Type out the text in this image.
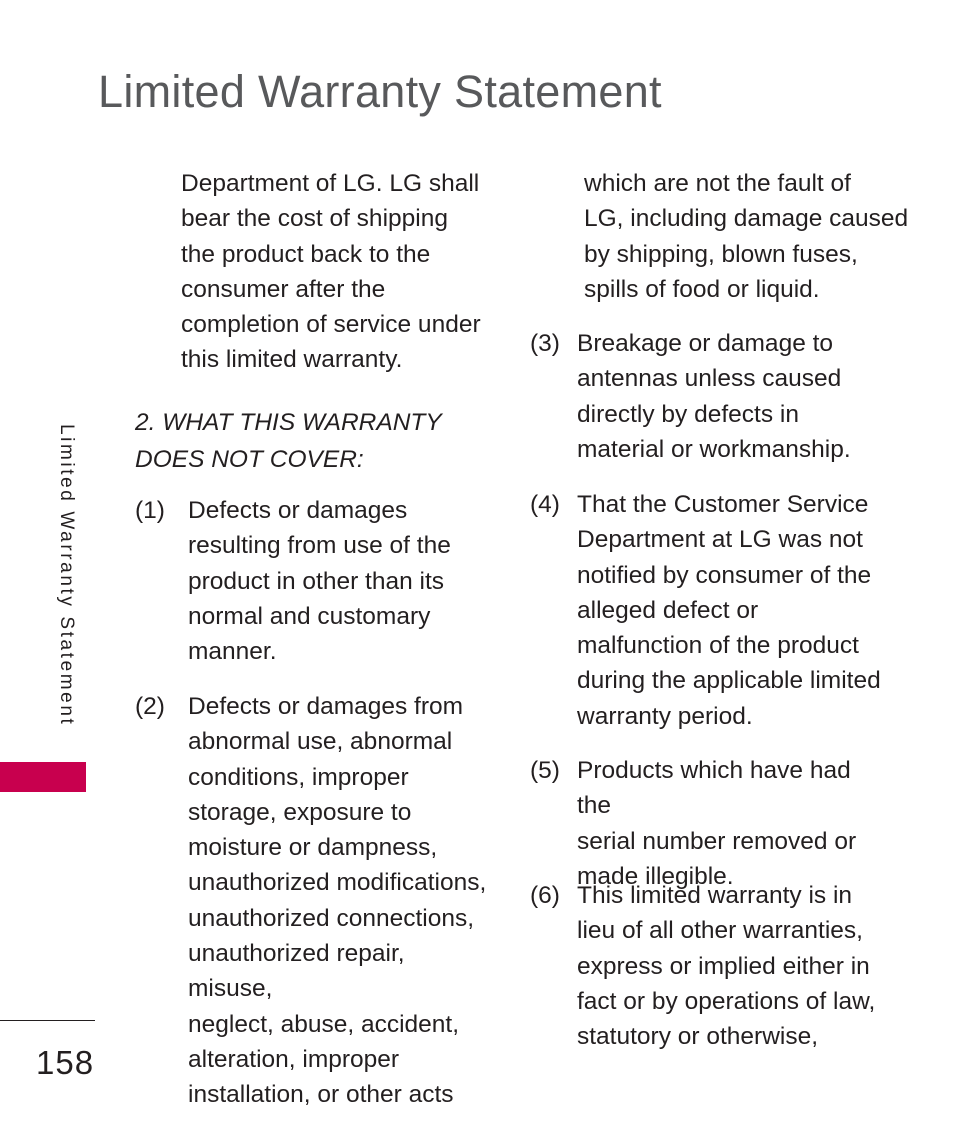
Limited Warranty Statement
Limited Warranty Statement
158

Department of LG. LG shall
bear the cost of shipping
the product back to the
consumer after the
completion of service under
this limited warranty.

2. WHAT THIS WARRANTY
DOES NOT COVER:

(1) Defects or damages
resulting from use of the
product in other than its
normal and customary
manner.
(2) Defects or damages from
abnormal use, abnormal
conditions, improper
storage, exposure to
moisture or dampness,
unauthorized modifications,
unauthorized connections,
unauthorized repair, misuse,
neglect, abuse, accident,
alteration, improper
installation, or other acts

which are not the fault of
LG, including damage caused
by shipping, blown fuses,
spills of food or liquid.

(3) Breakage or damage to
antennas unless caused
directly by defects in
material or workmanship.
(4) That the Customer Service
Department at LG was not
notified by consumer of the
alleged defect or
malfunction of the product
during the applicable limited
warranty period.
(5) Products which have had the
serial number removed or
made illegible.
(6) This limited warranty is in
lieu of all other warranties,
express or implied either in
fact or by operations of law,
statutory or otherwise,
